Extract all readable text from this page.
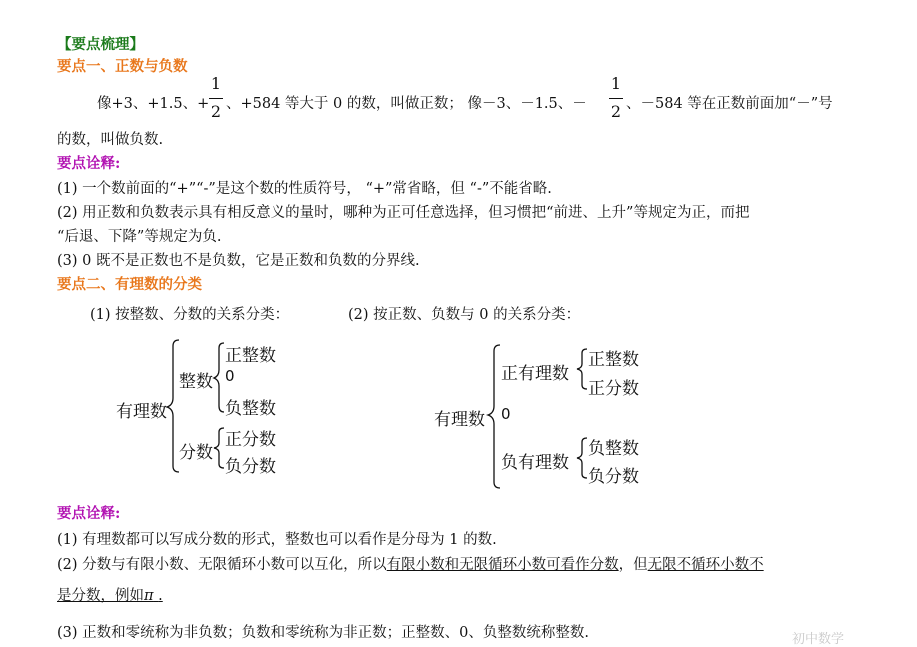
【要点梳理】
要点一、正数与负数
像+3、+1.5、+
1
2 、+584 等大于 0 的数，叫做正数； 像－3、－1.5、－
1
2 、－584 等在正数前面加“－”号
的数，叫做负数.
要点诠释:
(1) 一个数前面的“+”“-”是这个数的性质符号， “+”常省略，但 “-”不能省略.
(2) 用正数和负数表示具有相反意义的量时，哪种为正可任意选择，但习惯把“前进、上升”等规定为正，而把
“后退、下降”等规定为负.
(3) 0 既不是正数也不是负数，它是正数和负数的分界线.
要点二、有理数的分类
(1) 按整数、分数的关系分类：	(2) 按正数、负数与 0 的关系分类：
有理数
整数
正整数
0
负整数
分数
正分数
负分数
有理数
正有理数
正整数
正分数
0
负有理数
负整数
负分数
要点诠释:
(1) 有理数都可以写成分数的形式，整数也可以看作是分母为 1 的数.
(2) 分数与有限小数、无限循环小数可以互化，所以有限小数和无限循环小数可看作分数，但无限不循环小数不
是分数，例如π .
(3) 正数和零统称为非负数；负数和零统称为非正数；正整数、0、负整数统称整数.	初中数学
